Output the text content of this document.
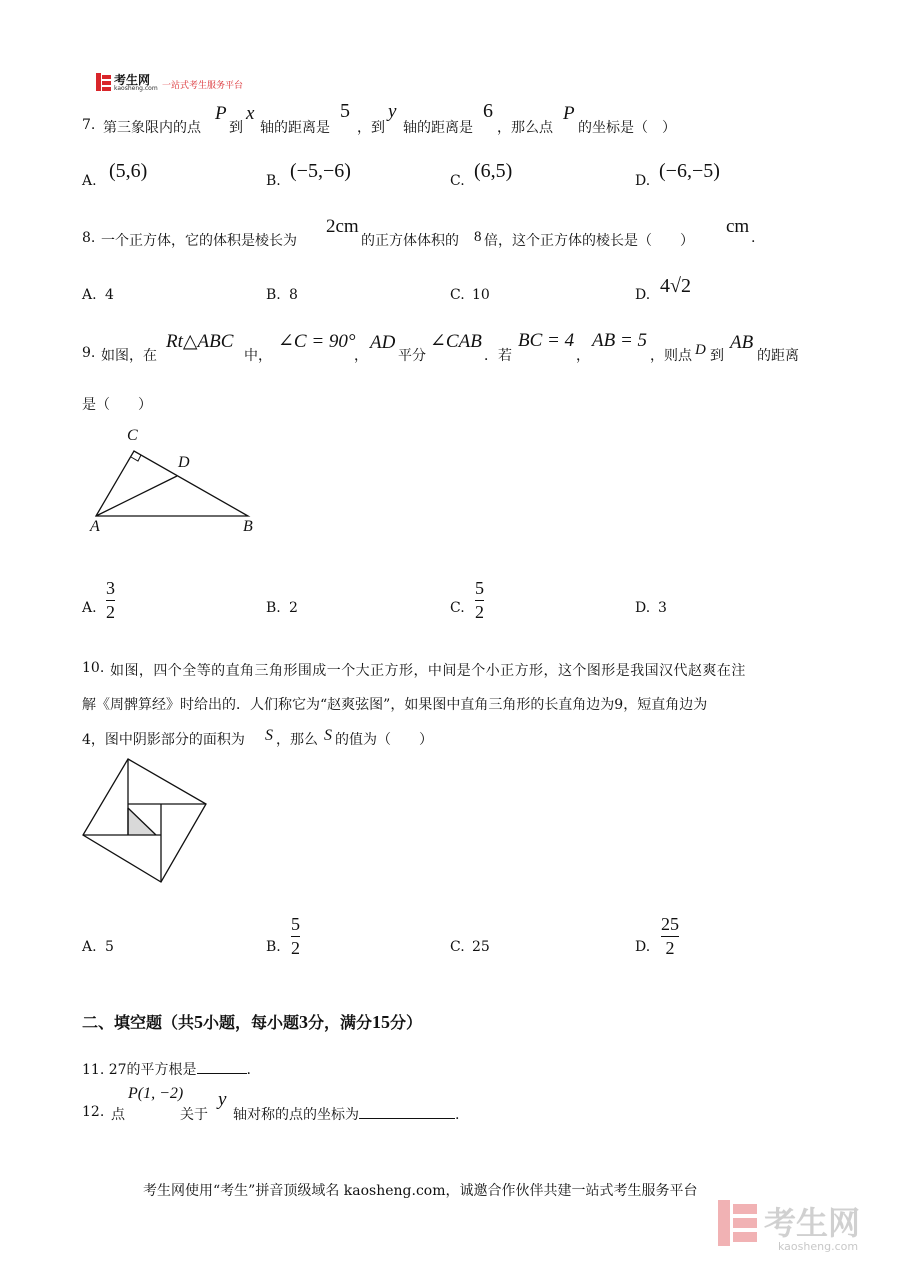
考生网
kaosheng.com 一站式考生服务平台
7. 第三象限内的点
P
到
x
轴的距离是
5
，到
y
轴的距离是
6
，那么点
P
的坐标是（　）
A. (5,6)	B. (−5,−6)	C. (6,5)	D. (−6,−5)
8. 一个正方体，它的体积是棱长为
2cm
的正方体体积的 8 倍，这个正方体的棱长是（　　）
cm
.
A. 4	B. 8	C. 10	D. 4√2
9. 如图，在
Rt△ABC
中，
∠C = 90°
，
AD
平分
∠CAB
．若
BC = 4
，
AB = 5
，则点 D 到
AB
的距离
是（　　）
C
D
A	B
A.
3
2	B. 2	C.
5
2	D. 3
10. 如图，四个全等的直角三角形围成一个大正方形，中间是个小正方形，这个图形是我国汉代赵爽在注
解《周髀算经》时给出的．人们称它为“赵爽弦图”，如果图中直角三角形的长直角边为9，短直角边为
4，图中阴影部分的面积为 S ，那么 S 的值为（　　）
A. 5	B.
5
2	C. 25	D.
25
2
二、填空题（共5小题，每小题3分，满分15分）
11. 27的平方根是	.
12. 点
P(1, −2)
关于
y
轴对称的点的坐标为	.
考生网使用“考生”拼音顶级域名 kaosheng.com，诚邀合作伙伴共建一站式考生服务平台
考生网
kaosheng.com
